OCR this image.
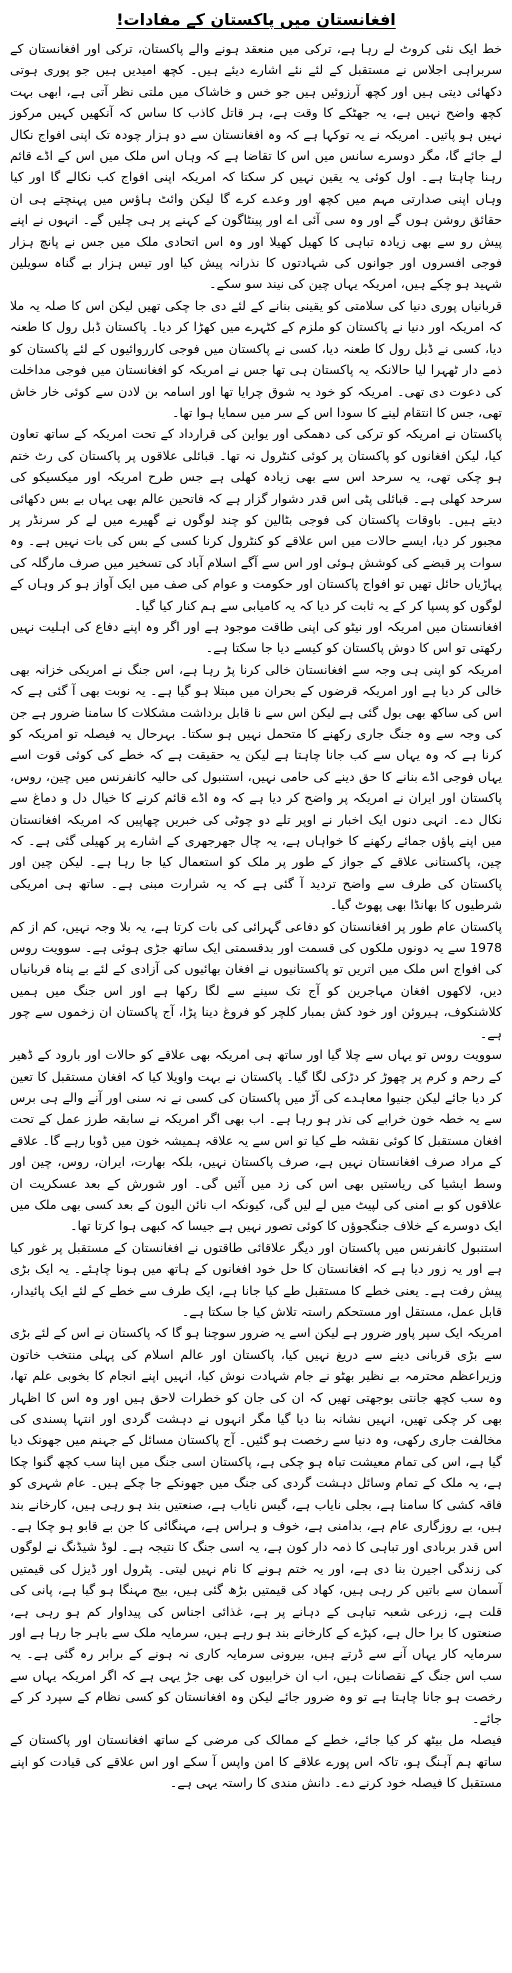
افغانستان میں پاکستان کے مفادات!

خط ایک نئی کروٹ لے رہا ہے، ترکی میں منعقد ہونے والے پاکستان، ترکی اور افغانستان کے سربراہی اجلاس نے مستقبل کے لئے نئے اشارے دیئے ہیں۔ کچھ امیدیں ہیں جو پوری ہوتی دکھائی دیتی ہیں اور کچھ آرزوئیں ہیں جو خس و خاشاک میں ملتی نظر آتی ہے، ابھی بہت کچھ واضح نہیں ہے، یہ جھٹکے کا وقت ہے، ہر قاتل کاذب کا ساس کہ آنکھیں کہیں مرکوز نہیں ہو پاتیں۔ امریکہ نے یہ توکہا ہے کہ وہ افغانستان سے دو ہزار چودہ تک اپنی افواج نکال لے جائے گا، مگر دوسرے سانس میں اس کا تقاضا ہے کہ وہاں اس ملک میں اس کے اڈے قائم رہنا چاہتا ہے۔ اول کوئی یہ یقین نہیں کر سکتا کہ امریکہ اپنی افواج کب نکالے گا اور کیا وہاں اپنی صدارتی مہم میں کچھ اور وعدے کرے گا لیکن وائٹ ہاؤس میں پہنچتے ہی ان حقائق روشن ہوں گے اور وہ سی آئی اے اور پینٹاگون کے کہنے پر ہی چلیں گے۔ انہوں نے اپنے پیش رو سے بھی زیادہ تباہی کا کھیل کھیلا اور وہ اس اتحادی ملک میں جس نے پانچ ہزار فوجی افسروں اور جوانوں کی شہادتوں کا نذرانہ پیش کیا اور تیس ہزار بے گناہ سویلین شہید ہو چکے ہیں، امریکہ یہاں چین کی نیند سو سکے۔

قربانیاں پوری دنیا کی سلامتی کو یقینی بنانے کے لئے دی جا چکی تھیں لیکن اس کا صلہ یہ ملا کہ امریکہ اور دنیا نے پاکستان کو ملزم کے کٹہرے میں کھڑا کر دیا۔ پاکستان ڈبل رول کا طعنہ دیا، کسی نے ڈبل رول کا طعنہ دیا، کسی نے پاکستان میں فوجی کارروائیوں کے لئے پاکستان کو ذمے دار ٹھہرا لیا حالانکہ یہ پاکستان ہی تھا جس نے امریکہ کو افغانستان میں فوجی مداخلت کی دعوت دی تھی۔ امریکہ کو خود یہ شوق چرایا تھا اور اسامہ بن لادن سے کوئی خار خاش تھی، جس کا انتقام لینے کا سودا اس کے سر میں سمایا ہوا تھا۔

پاکستان نے امریکہ کو ترکی کی دھمکی اور یواین کی قرارداد کے تحت امریکہ کے ساتھ تعاون کیا، لیکن افغانوں کو پاکستان پر کوئی کنٹرول نہ تھا۔ قبائلی علاقوں پر پاکستان کی رٹ ختم ہو چکی تھی، یہ سرحد اس سے بھی زیادہ کھلی ہے جس طرح امریکہ اور میکسیکو کی سرحد کھلی ہے۔ قبائلی پٹی اس قدر دشوار گزار ہے کہ فاتحین عالم بھی یہاں بے بس دکھائی دیتے ہیں۔ باوقات پاکستان کی فوجی بٹالین کو چند لوگوں نے گھیرے میں لے کر سرنڈر پر مجبور کر دیا، ایسے حالات میں اس علاقے کو کنٹرول کرنا کسی کے بس کی بات نہیں ہے۔ وہ سوات پر قبضے کی کوشش ہوئی اور اس سے آگے اسلام آباد کی تسخیر میں صرف مارگلہ کی پہاڑیاں حائل تھیں تو افواج پاکستان اور حکومت و عوام کی صف میں ایک آواز ہو کر وہاں کے لوگوں کو پسپا کر کے یہ ثابت کر دیا کہ یہ کامیابی سے ہم کنار کیا گیا۔

افغانستان میں امریکہ اور نیٹو کی اپنی طاقت موجود ہے اور اگر وہ اپنے دفاع کی اہلیت نہیں رکھتی تو اس کا دوش پاکستان کو کیسے دیا جا سکتا ہے۔

امریکہ کو اپنی ہی وجہ سے افغانستان خالی کرنا پڑ رہا ہے، اس جنگ نے امریکی خزانہ بھی خالی کر دیا ہے اور امریکہ قرضوں کے بحران میں مبتلا ہو گیا ہے۔ یہ نوبت بھی آ گئی ہے کہ اس کی ساکھ بھی بول گئی ہے لیکن اس سے نا قابل برداشت مشکلات کا سامنا ضرور ہے جن کی وجہ سے وہ جنگ جاری رکھنے کا متحمل نہیں ہو سکتا۔ بہرحال یہ فیصلہ تو امریکہ کو کرنا ہے کہ وہ یہاں سے کب جانا چاہتا ہے لیکن یہ حقیقت ہے کہ خطے کی کوئی قوت اسے یہاں فوجی اڈے بنانے کا حق دینے کی حامی نہیں، استنبول کی حالیہ کانفرنس میں چین، روس، پاکستان اور ایران نے امریکہ پر واضح کر دیا ہے کہ وہ اڈے قائم کرنے کا خیال دل و دماغ سے نکال دے۔ انہی دنوں ایک اخبار نے اوپر تلے دو چوٹی کی خبریں چھاپیں کہ امریکہ افغانستان میں اپنے پاؤں جمائے رکھنے کا خواہاں ہے، یہ چال جھرجھری کے اشارے پر کھیلی گئی ہے۔ کہ چین، پاکستانی علاقے کے جواز کے طور پر ملک کو استعمال کیا جا رہا ہے۔ لیکن چین اور پاکستان کی طرف سے واضح تردید آ گئی ہے کہ یہ شرارت مبنی ہے۔ ساتھ ہی امریکی شرطیوں کا بھانڈا بھی پھوٹ گیا۔

پاکستان عام طور پر افغانستان کو دفاعی گہرائی کی بات کرتا ہے، یہ بلا وجہ نہیں، کم از کم 1978 سے یہ دونوں ملکوں کی قسمت اور بدقسمتی ایک ساتھ جڑی ہوئی ہے۔ سوویت روس کی افواج اس ملک میں اتریں تو پاکستانیوں نے افغان بھائیوں کی آزادی کے لئے بے پناہ قربانیاں دیں، لاکھوں افغان مہاجرین کو آج تک سینے سے لگا رکھا ہے اور اس جنگ میں ہمیں کلاشنکوف، ہیروئن اور خود کش بمبار کلچر کو فروغ دینا پڑا، آج پاکستان ان زخموں سے چور ہے۔

سوویت روس تو یہاں سے چلا گیا اور ساتھ ہی امریکہ بھی علاقے کو حالات اور بارود کے ڈھیر کے رحم و کرم پر چھوڑ کر دڑکی لگا گیا۔ پاکستان نے بہت واویلا کیا کہ افغان مستقبل کا تعین کر دیا جائے لیکن جنیوا معاہدے کی آڑ میں پاکستان کی کسی نے نہ سنی اور آنے والے ہی برس سے یہ خطہ خون خرابے کی نذر ہو رہا ہے۔ اب بھی اگر امریکہ نے سابقہ طرز عمل کے تحت افغان مستقبل کا کوئی نقشہ طے کیا تو اس سے یہ علاقہ ہمیشہ خون میں ڈوبا رہے گا۔ علاقے کے مراد صرف افغانستان نہیں ہے، صرف پاکستان نہیں، بلکہ بھارت، ایران، روس، چین اور وسط ایشیا کی ریاستیں بھی اس کی زد میں آئیں گی۔ اور شورش کے بعد عسکریت ان علاقوں کو بے امنی کی لپیٹ میں لے لیں گی، کیونکہ اب نائن الیون کے بعد کسی بھی ملک میں ایک دوسرے کے خلاف جنگجوؤں کا کوئی تصور نہیں ہے جیسا کہ کبھی ہوا کرتا تھا۔

استنبول کانفرنس میں پاکستان اور دیگر علاقائی طاقتوں نے افغانستان کے مستقبل پر غور کیا ہے اور یہ زور دیا ہے کہ افغانستان کا حل خود افغانوں کے ہاتھ میں ہونا چاہئے۔ یہ ایک بڑی پیش رفت ہے۔ یعنی خطے کا مستقبل طے کیا جانا ہے، ایک طرف سے خطے کے لئے ایک پائیدار، قابل عمل، مستقل اور مستحکم راستہ تلاش کیا جا سکتا ہے۔

امریکہ ایک سپر پاور ضرور ہے لیکن اسے یہ ضرور سوچنا ہو گا کہ پاکستان نے اس کے لئے بڑی سے بڑی قربانی دینے سے دریغ نہیں کیا، پاکستان اور عالم اسلام کی پہلی منتخب خاتون وزیراعظم محترمہ بے نظیر بھٹو نے جام شہادت نوش کیا، انہیں اپنے انجام کا بخوبی علم تھا، وہ سب کچھ جانتی بوجھتی تھیں کہ ان کی جان کو خطرات لاحق ہیں اور وہ اس کا اظہار بھی کر چکی تھیں، انہیں نشانہ بنا دیا گیا مگر انہوں نے دہشت گردی اور انتہا پسندی کی مخالفت جاری رکھی، وہ دنیا سے رخصت ہو گئیں۔ آج پاکستان مسائل کے جہنم میں جھونک دیا گیا ہے، اس کی تمام معیشت تباہ ہو چکی ہے، پاکستان اسی جنگ میں اپنا سب کچھ گنوا چکا ہے، یہ ملک کے تمام وسائل دہشت گردی کی جنگ میں جھونکے جا چکے ہیں۔ عام شہری کو فاقہ کشی کا سامنا ہے، بجلی نایاب ہے، گیس نایاب ہے، صنعتیں بند ہو رہی ہیں، کارخانے بند ہیں، بے روزگاری عام ہے، بدامنی ہے، خوف و ہراس ہے، مہنگائی کا جن بے قابو ہو چکا ہے۔ اس قدر بربادی اور تباہی کا ذمہ دار کون ہے، یہ اسی جنگ کا نتیجہ ہے۔ لوڈ شیڈنگ نے لوگوں کی زندگی اجیرن بنا دی ہے، اور یہ ختم ہونے کا نام نہیں لیتی۔ پٹرول اور ڈیزل کی قیمتیں آسمان سے باتیں کر رہی ہیں، کھاد کی قیمتیں بڑھ گئی ہیں، بیج مہنگا ہو گیا ہے، پانی کی قلت ہے، زرعی شعبہ تباہی کے دہانے پر ہے، غذائی اجناس کی پیداوار کم ہو رہی ہے، صنعتوں کا برا حال ہے، کپڑے کے کارخانے بند ہو رہے ہیں، سرمایہ ملک سے باہر جا رہا ہے اور سرمایہ کار یہاں آنے سے ڈرتے ہیں، بیرونی سرمایہ کاری نہ ہونے کے برابر رہ گئی ہے۔ یہ سب اس جنگ کے نقصانات ہیں، اب ان خرابیوں کی بھی جڑ یہی ہے کہ اگر امریکہ یہاں سے رخصت ہو جانا چاہتا ہے تو وہ ضرور جائے لیکن وہ افغانستان کو کسی نظام کے سپرد کر کے جائے۔

فیصلہ مل بیٹھ کر کیا جائے، خطے کے ممالک کی مرضی کے ساتھ افغانستان اور پاکستان کے ساتھ ہم آہنگ ہو، تاکہ اس پورے علاقے کا امن واپس آ سکے اور اس علاقے کی قیادت کو اپنے مستقبل کا فیصلہ خود کرنے دے۔ دانش مندی کا راستہ یہی ہے۔
